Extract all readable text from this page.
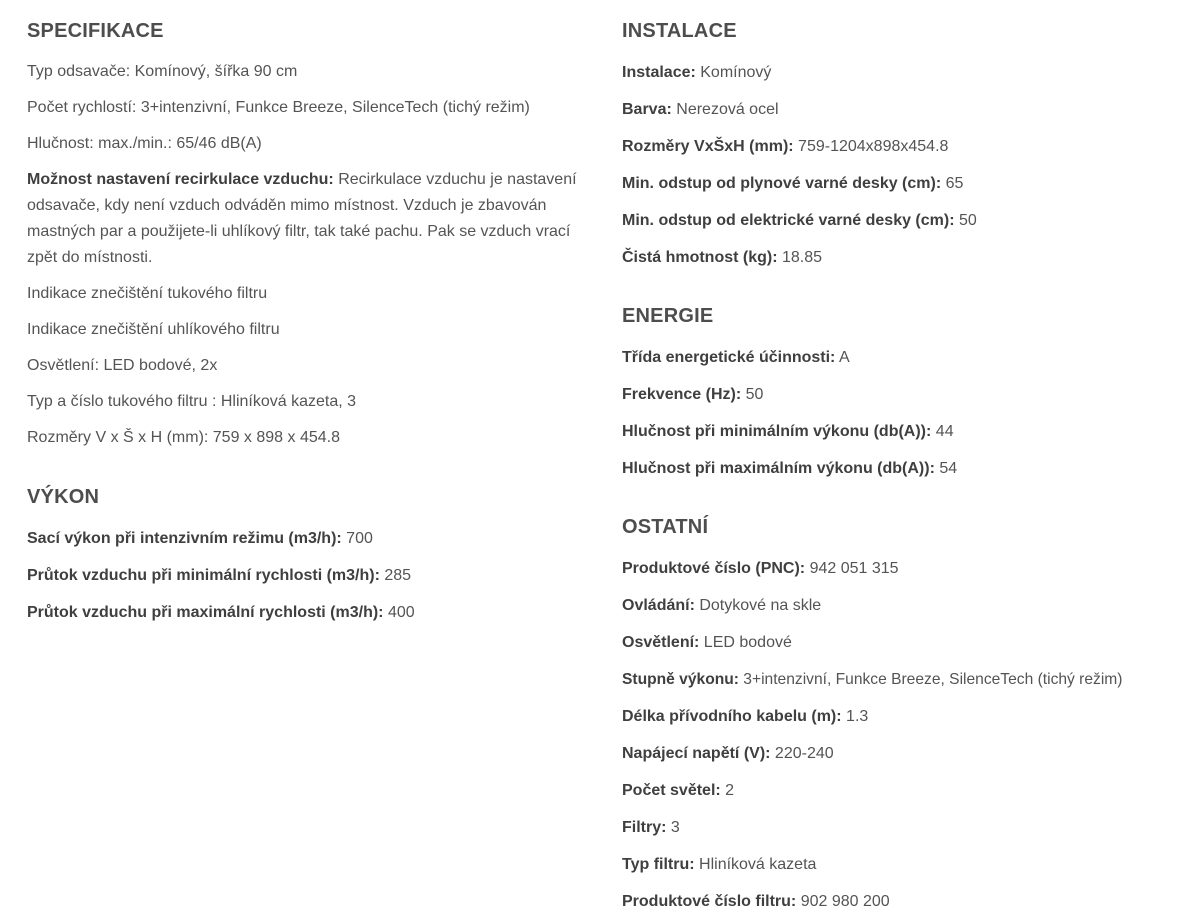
SPECIFIKACE

Typ odsavače: Komínový, šířka 90 cm

Počet rychlostí: 3+intenzivní, Funkce Breeze, SilenceTech (tichý režim)

Hlučnost: max./min.: 65/46 dB(A)

Možnost nastavení recirkulace vzduchu: Recirkulace vzduchu je nastavení odsavače, kdy není vzduch odváděn mimo místnost. Vzduch je zbavován mastných par a použijete-li uhlíkový filtr, tak také pachu. Pak se vzduch vrací zpět do místnosti.

Indikace znečištění tukového filtru

Indikace znečištění uhlíkového filtru

Osvětlení: LED bodové, 2x

Typ a číslo tukového filtru : Hliníková kazeta, 3

Rozměry V x Š x H (mm): 759 x 898 x 454.8

VÝKON

Sací výkon při intenzivním režimu (m3/h): 700

Průtok vzduchu při minimální rychlosti (m3/h): 285

Průtok vzduchu při maximální rychlosti (m3/h): 400

INSTALACE

Instalace: Komínový

Barva: Nerezová ocel

Rozměry VxŠxH (mm): 759-1204x898x454.8

Min. odstup od plynové varné desky (cm): 65

Min. odstup od elektrické varné desky (cm): 50

Čistá hmotnost (kg): 18.85

ENERGIE

Třída energetické účinnosti: A

Frekvence (Hz): 50

Hlučnost při minimálním výkonu (db(A)): 44

Hlučnost při maximálním výkonu (db(A)): 54

OSTATNÍ

Produktové číslo (PNC): 942 051 315

Ovládání: Dotykové na skle

Osvětlení: LED bodové

Stupně výkonu: 3+intenzivní, Funkce Breeze, SilenceTech (tichý režim)

Délka přívodního kabelu (m): 1.3

Napájecí napětí (V): 220-240

Počet světel: 2

Filtry: 3

Typ filtru: Hliníková kazeta

Produktové číslo filtru: 902 980 200
